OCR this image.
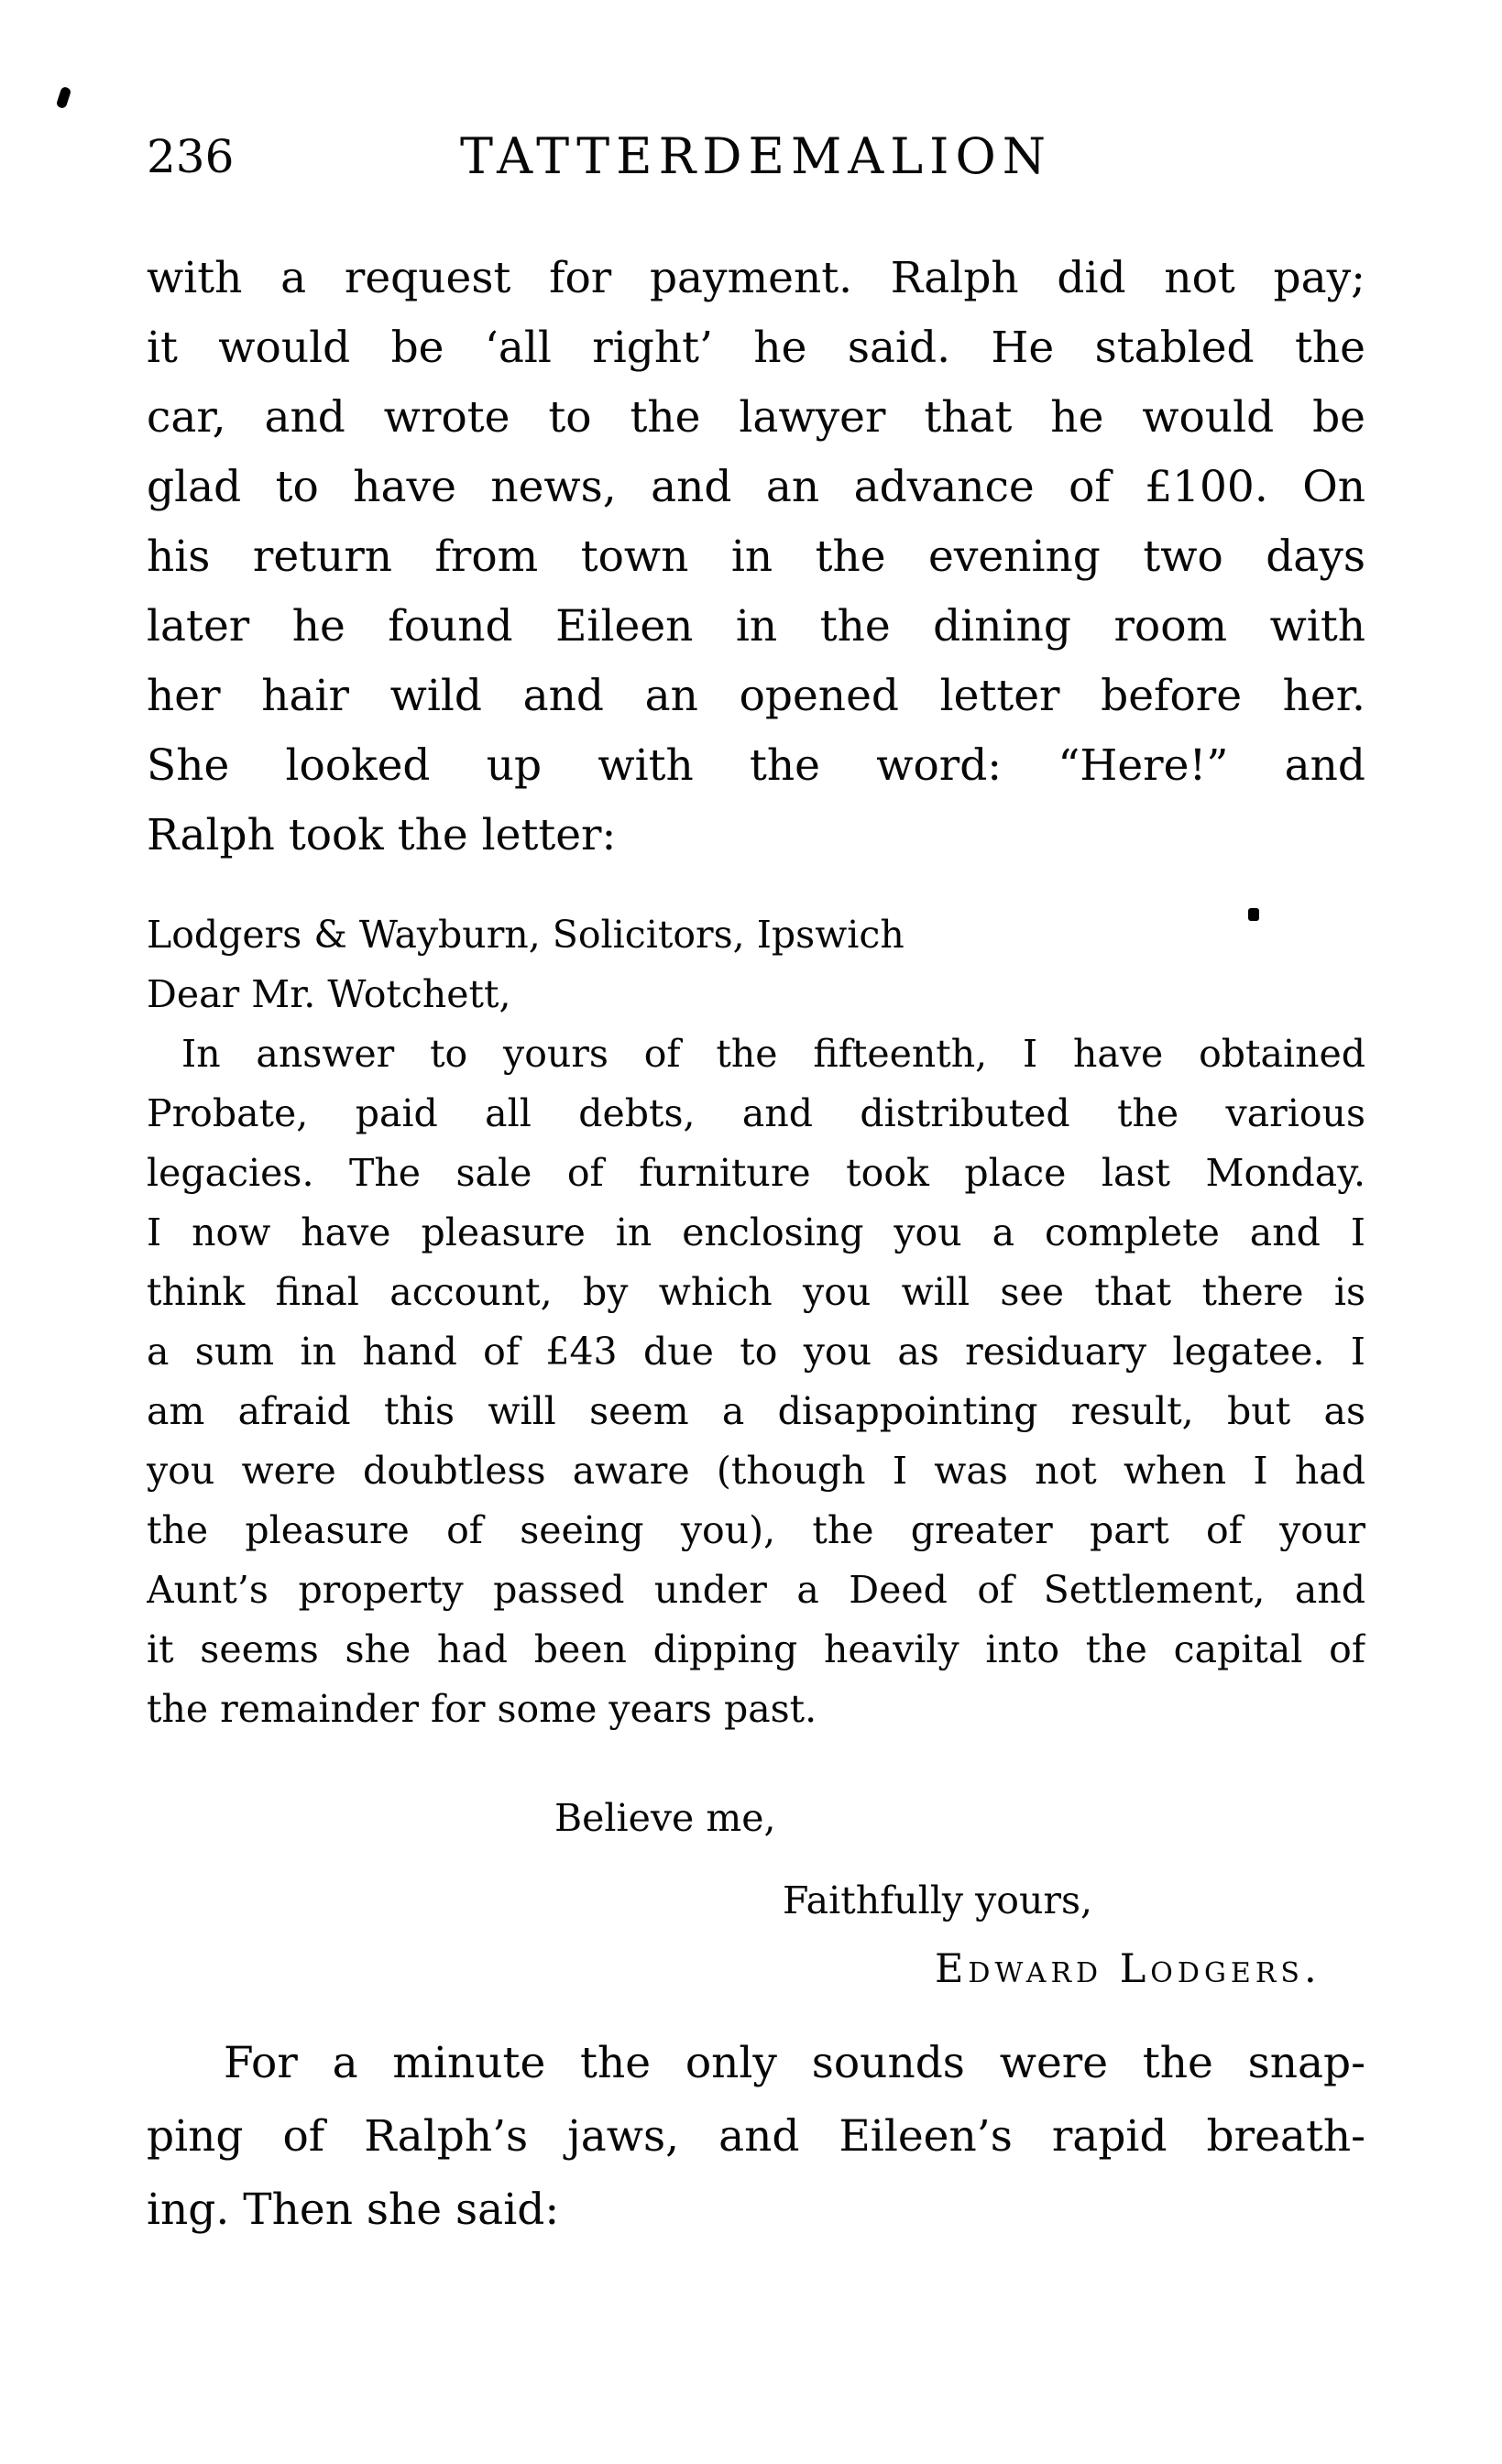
236	TATTERDEMALION
with a request for payment. Ralph did not pay;
it would be ‘all right’ he said. He stabled the
car, and wrote to the lawyer that he would be
glad to have news, and an advance of £100. On
his return from town in the evening two days
later he found Eileen in the dining room with
her hair wild and an opened letter before her.
She looked up with the word: “Here!” and
Ralph took the letter:
Lodgers & Wayburn, Solicitors, Ipswich
Dear Mr. Wotchett,
In answer to yours of the fifteenth, I have obtained
Probate, paid all debts, and distributed the various
legacies. The sale of furniture took place last Monday.
I now have pleasure in enclosing you a complete and I
think final account, by which you will see that there is
a sum in hand of £43 due to you as residuary legatee. I
am afraid this will seem a disappointing result, but as
you were doubtless aware (though I was not when I had
the pleasure of seeing you), the greater part of your
Aunt’s property passed under a Deed of Settlement, and
it seems she had been dipping heavily into the capital of
the remainder for some years past.
Believe me,
Faithfully yours,
Edward Lodgers.
For a minute the only sounds were the snap-
ping of Ralph’s jaws, and Eileen’s rapid breath-
ing. Then she said:
